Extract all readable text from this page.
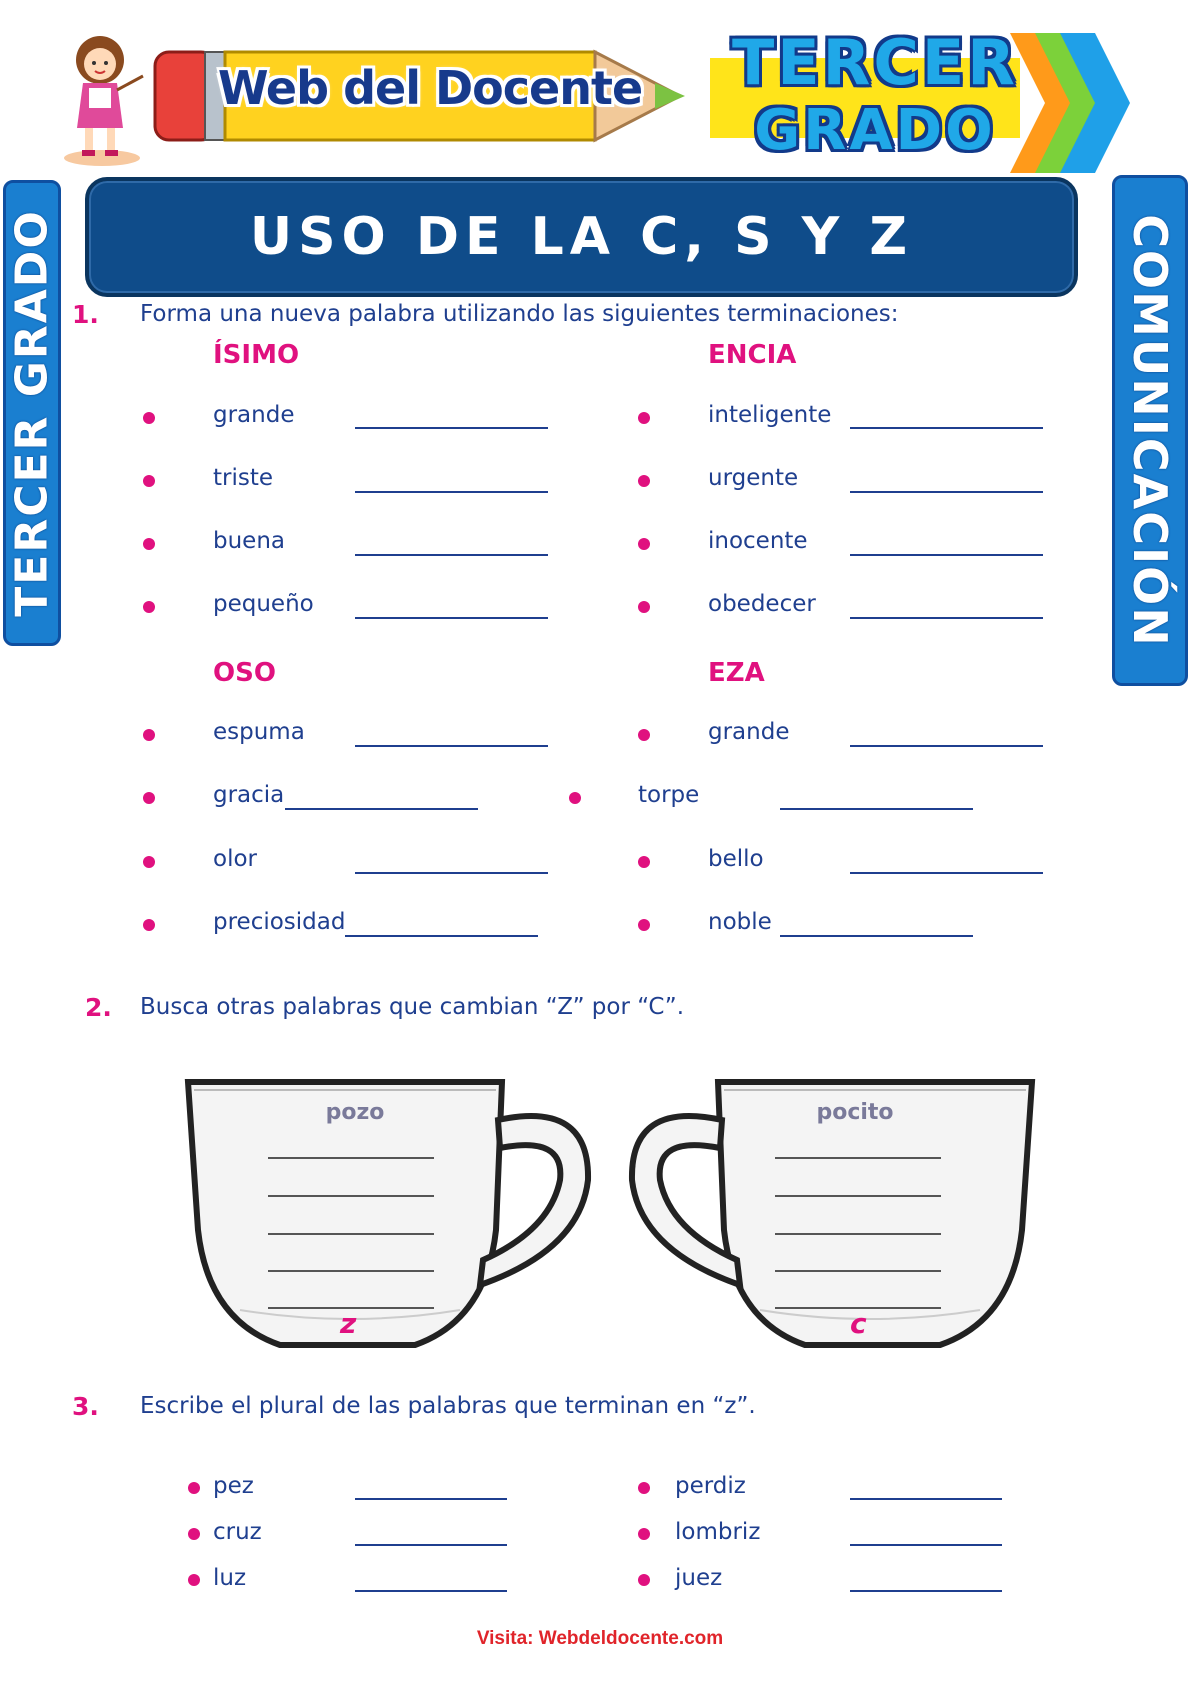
Web del Docente	TERCER
GRADO
TERCER GRADO	COMUNICACIÓN
USO DE LA C, S Y Z
1. Forma una nueva palabra utilizando las siguientes terminaciones:
ÍSIMO	ENCIA
OSO	EZA
grande
triste
buena
pequeño
inteligente
urgente
inocente
obedecer
espuma
gracia
olor
preciosidad
grande
torpe
bello
noble
2. Busca otras palabras que cambian “Z” por “C”.
pozo
z
pocito
c
3. Escribe el plural de las palabras que terminan en “z”.
pez
cruz
luz
perdiz
lombriz
juez
Visita: Webdeldocente.com
